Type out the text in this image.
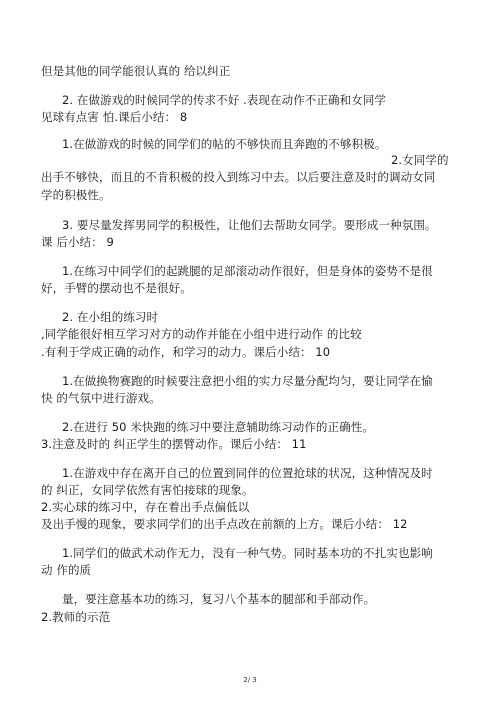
但是其他的同学能很认真的 给以纠正
2. 在做游戏的时候同学的传求不好 .表现在动作不正确和女同学
见球有点害 怕.课后小结： 8
1.在做游戏的时候的同学们的帖的不够快而且奔跑的不够积极。
2.女同学的
出手不够快，而且的不肯积极的投入到练习中去。以后要注意及时的调动女同
学的积极性。
3. 要尽量发挥男同学的积极性，让他们去帮助女同学。要形成一种氛围。
课 后小结： 9
1.在练习中同学们的起跳腿的足部滚动动作很好，但是身体的姿势不是很
好，手臂的摆动也不是很好。
2. 在小组的练习时
,同学能很好相互学习对方的动作并能在小组中进行动作 的比较
.有利于学成正确的动作，和学习的动力。课后小结： 10
1.在做换物赛跑的时候要注意把小组的实力尽量分配均匀，要让同学在愉
快 的气氛中进行游戏。
2.在进行 50 米快跑的练习中要注意辅助练习动作的正确性。
3.注意及时的 纠正学生的摆臂动作。课后小结： 11
1.在游戏中存在离开自己的位置到同伴的位置抢球的状况，这种情况及时
的 纠正，女同学依然有害怕接球的现象。
2.实心球的练习中，存在着出手点偏低以
及出手慢的现象，要求同学们的出手点改在前额的上方。课后小结： 12
1.同学们的做武术动作无力，没有一种气势。同时基本功的不扎实也影响
动 作的质
量，要注意基本功的练习，复习八个基本的腿部和手部动作。
2.教师的示范
2/ 3
